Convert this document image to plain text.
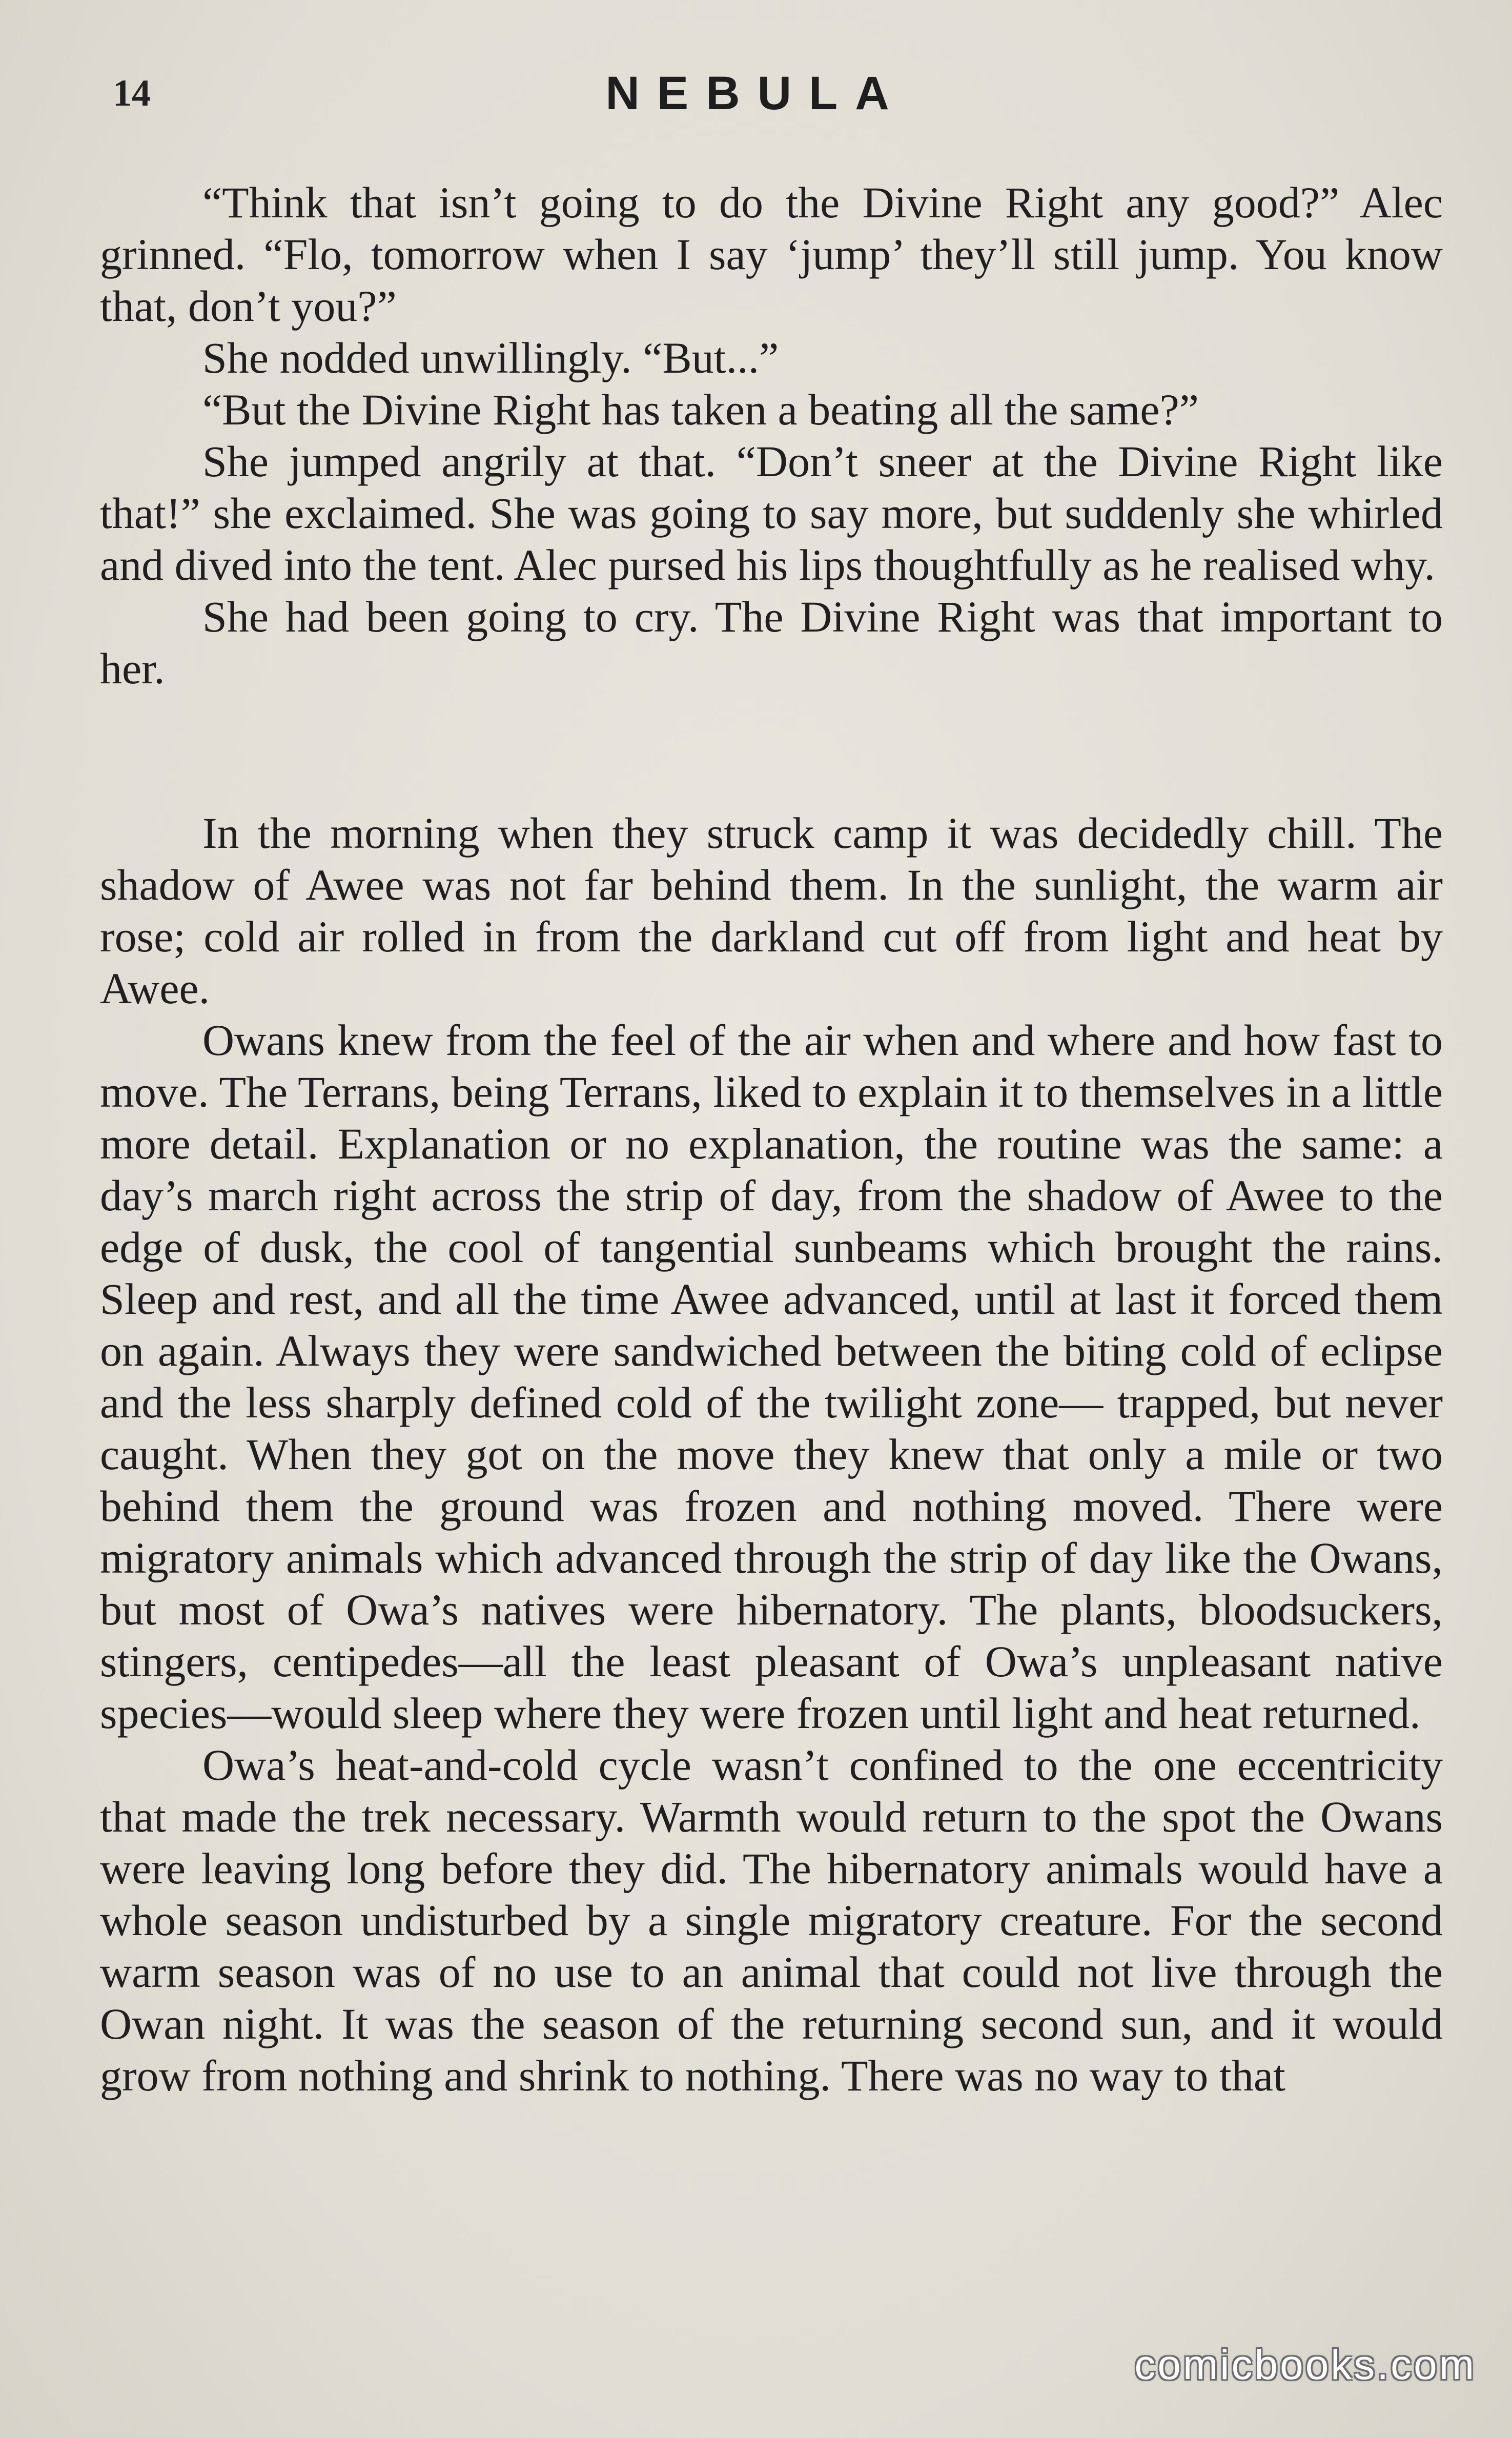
14	NEBULA

“Think that isn’t going to do the Divine Right any good?” Alec grinned. “Flo, tomorrow when I say ‘jump’ they’ll still jump. You know that, don’t you?”

She nodded unwillingly. “But...”

“But the Divine Right has taken a beating all the same?”

She jumped angrily at that. “Don’t sneer at the Divine Right like that!” she exclaimed. She was going to say more, but suddenly she whirled and dived into the tent. Alec pursed his lips thoughtfully as he realised why.

She had been going to cry. The Divine Right was that important to her.

In the morning when they struck camp it was decidedly chill. The shadow of Awee was not far behind them. In the sunlight, the warm air rose; cold air rolled in from the darkland cut off from light and heat by Awee.

Owans knew from the feel of the air when and where and how fast to move. The Terrans, being Terrans, liked to explain it to themselves in a little more detail. Explanation or no explanation, the routine was the same: a day’s march right across the strip of day, from the shadow of Awee to the edge of dusk, the cool of tangential sunbeams which brought the rains. Sleep and rest, and all the time Awee advanced, until at last it forced them on again. Always they were sandwiched between the biting cold of eclipse and the less sharply defined cold of the twilight zone— trapped, but never caught. When they got on the move they knew that only a mile or two behind them the ground was frozen and nothing moved. There were migratory animals which advanced through the strip of day like the Owans, but most of Owa’s natives were hibernatory. The plants, bloodsuckers, stingers, centipedes—all the least pleasant of Owa’s unpleasant native species—would sleep where they were frozen until light and heat returned.

Owa’s heat-and-cold cycle wasn’t confined to the one eccentricity that made the trek necessary. Warmth would return to the spot the Owans were leaving long before they did. The hibernatory animals would have a whole season undisturbed by a single migratory creature. For the second warm season was of no use to an animal that could not live through the Owan night. It was the season of the returning second sun, and it would grow from nothing and shrink to nothing. There was no way to that

comicbooks.com
